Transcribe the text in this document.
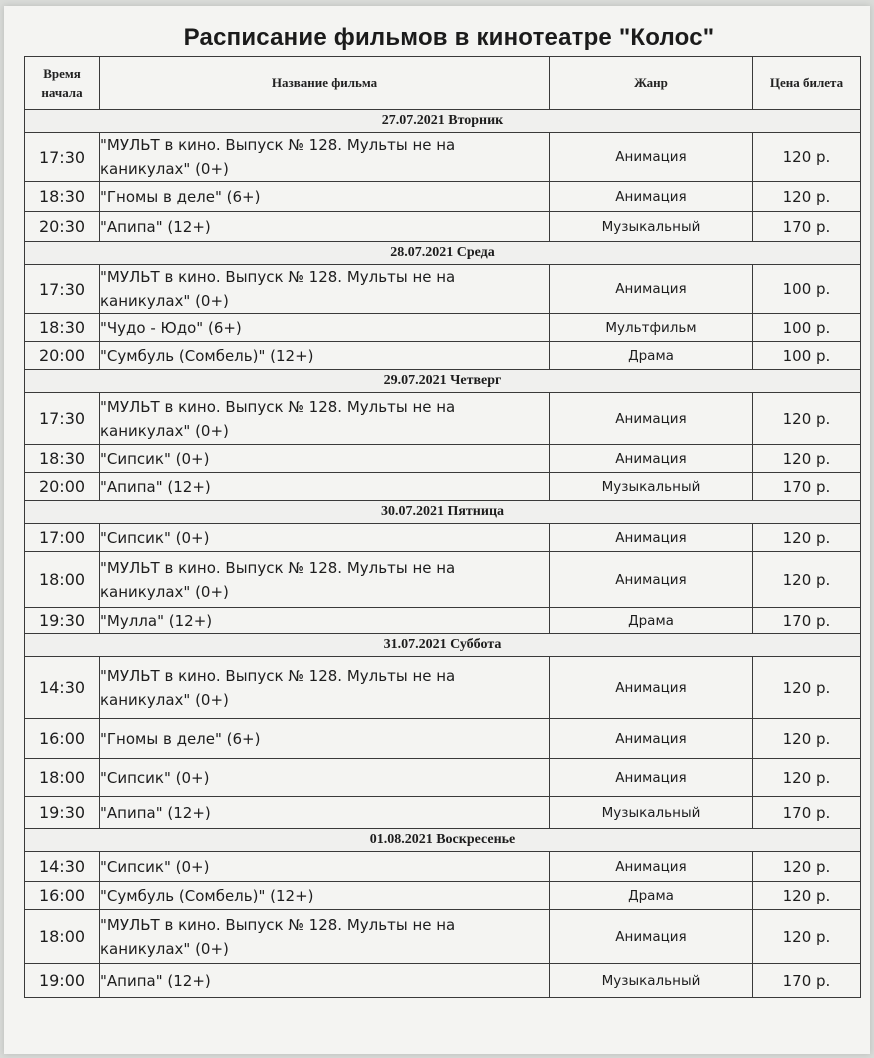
Расписание фильмов в кинотеатре "Колос"
Время
начала	Название фильма	Жанр	Цена билета
27.07.2021 Вторник			
17:30	"МУЛЬТ в кино. Выпуск № 128. Мульты не на
каникулах" (0+)	Анимация	120 р.
18:30	"Гномы в деле" (6+)	Анимация	120 р.
20:30	"Апипа" (12+)	Музыкальный	170 р.
28.07.2021 Среда			
17:30	"МУЛЬТ в кино. Выпуск № 128. Мульты не на
каникулах" (0+)	Анимация	100 р.
18:30	"Чудо - Юдо" (6+)	Мультфильм	100 р.
20:00	"Сумбуль (Сомбель)" (12+)	Драма	100 р.
29.07.2021 Четверг			
17:30	"МУЛЬТ в кино. Выпуск № 128. Мульты не на
каникулах" (0+)	Анимация	120 р.
18:30	"Сипсик" (0+)	Анимация	120 р.
20:00	"Апипа" (12+)	Музыкальный	170 р.
30.07.2021 Пятница			
17:00	"Сипсик" (0+)	Анимация	120 р.
18:00	"МУЛЬТ в кино. Выпуск № 128. Мульты не на
каникулах" (0+)	Анимация	120 р.
19:30	"Мулла" (12+)	Драма	170 р.
31.07.2021 Суббота			
14:30	"МУЛЬТ в кино. Выпуск № 128. Мульты не на
каникулах" (0+)	Анимация	120 р.
16:00	"Гномы в деле" (6+)	Анимация	120 р.
18:00	"Сипсик" (0+)	Анимация	120 р.
19:30	"Апипа" (12+)	Музыкальный	170 р.
01.08.2021 Воскресенье			
14:30	"Сипсик" (0+)	Анимация	120 р.
16:00	"Сумбуль (Сомбель)" (12+)	Драма	120 р.
18:00	"МУЛЬТ в кино. Выпуск № 128. Мульты не на
каникулах" (0+)	Анимация	120 р.
19:00	"Апипа" (12+)	Музыкальный	170 р.
